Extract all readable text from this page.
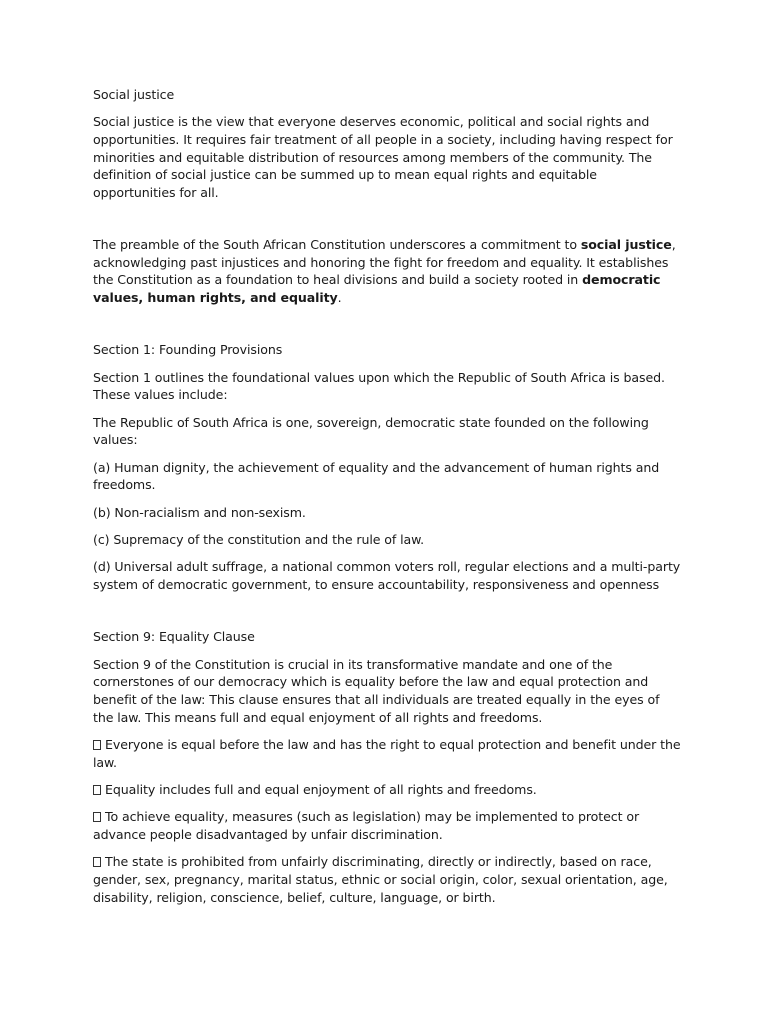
Social justice
Social justice is the view that everyone deserves economic, political and social rights and opportunities. It requires fair treatment of all people in a society, including having respect for minorities and equitable distribution of resources among members of the community. The definition of social justice can be summed up to mean equal rights and equitable opportunities for all.
The preamble of the South African Constitution underscores a commitment to social justice, acknowledging past injustices and honoring the fight for freedom and equality. It establishes the Constitution as a foundation to heal divisions and build a society rooted in democratic values, human rights, and equality.
Section 1: Founding Provisions
Section 1 outlines the foundational values upon which the Republic of South Africa is based. These values include:
The Republic of South Africa is one, sovereign, democratic state founded on the following values:
(a) Human dignity, the achievement of equality and the advancement of human rights and freedoms.
(b) Non-racialism and non-sexism.
(c) Supremacy of the constitution and the rule of law.
(d) Universal adult suffrage, a national common voters roll, regular elections and a multi-party system of democratic government, to ensure accountability, responsiveness and openness
Section 9: Equality Clause
Section 9 of the Constitution is crucial in its transformative mandate and one of the cornerstones of our democracy which is equality before the law and equal protection and benefit of the law: This clause ensures that all individuals are treated equally in the eyes of the law. This means full and equal enjoyment of all rights and freedoms.
Everyone is equal before the law and has the right to equal protection and benefit under the law.
Equality includes full and equal enjoyment of all rights and freedoms.
To achieve equality, measures (such as legislation) may be implemented to protect or advance people disadvantaged by unfair discrimination.
The state is prohibited from unfairly discriminating, directly or indirectly, based on race, gender, sex, pregnancy, marital status, ethnic or social origin, color, sexual orientation, age, disability, religion, conscience, belief, culture, language, or birth.
